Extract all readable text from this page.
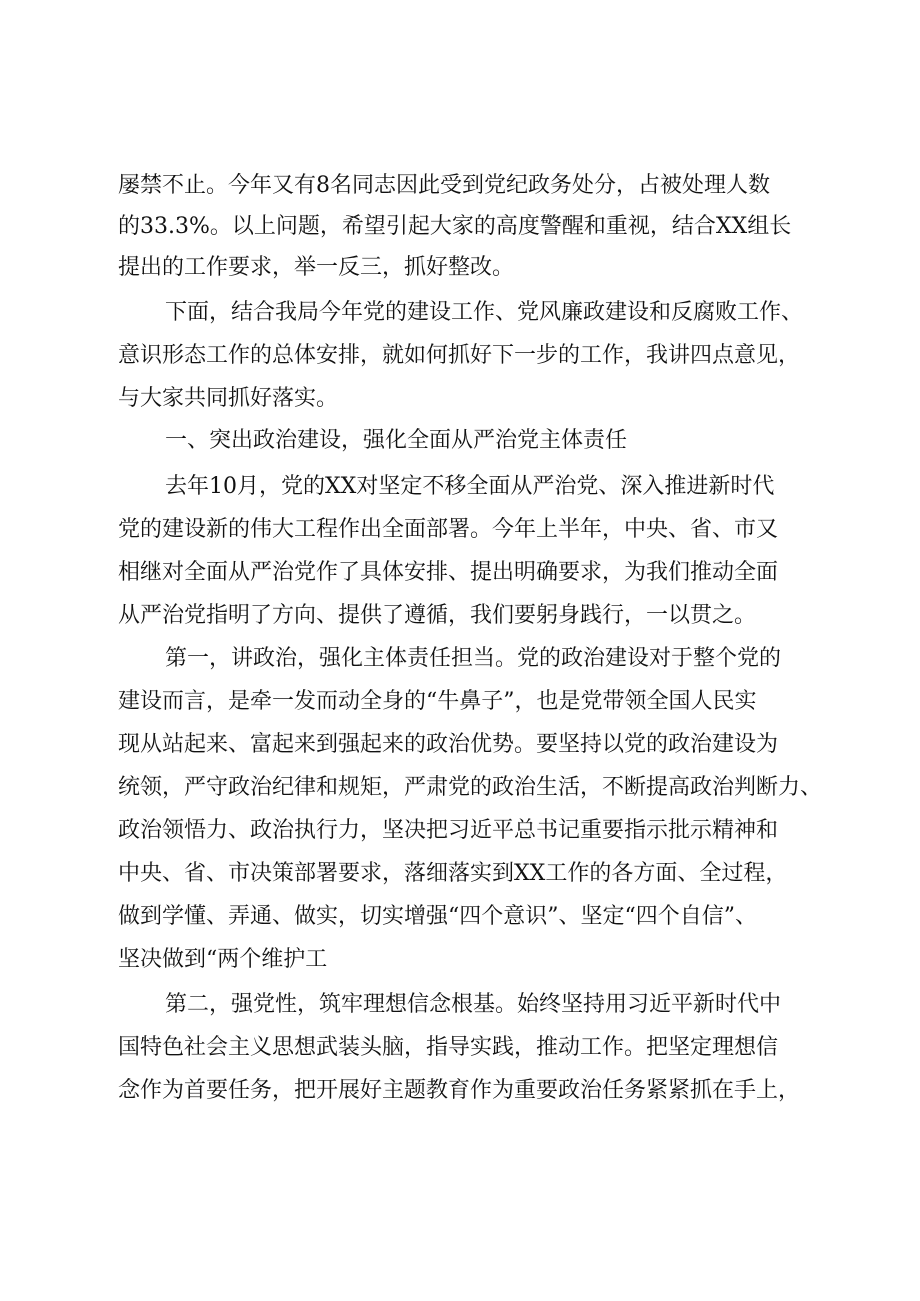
屡禁不止。今年又有8名同志因此受到党纪政务处分，占被处理人数
的33.3%。以上问题，希望引起大家的高度警醒和重视，结合XX组长
提出的工作要求，举一反三，抓好整改。
下面，结合我局今年党的建设工作、党风廉政建设和反腐败工作、
意识形态工作的总体安排，就如何抓好下一步的工作，我讲四点意见，
与大家共同抓好落实。
一、突出政治建设，强化全面从严治党主体责任
去年10月，党的XX对坚定不移全面从严治党、深入推进新时代
党的建设新的伟大工程作出全面部署。今年上半年，中央、省、市又
相继对全面从严治党作了具体安排、提出明确要求，为我们推动全面
从严治党指明了方向、提供了遵循，我们要躬身践行，一以贯之。
第一，讲政治，强化主体责任担当。党的政治建设对于整个党的
建设而言，是牵一发而动全身的“牛鼻子”，也是党带领全国人民实
现从站起来、富起来到强起来的政治优势。要坚持以党的政治建设为
统领，严守政治纪律和规矩，严肃党的政治生活，不断提高政治判断力、
政治领悟力、政治执行力，坚决把习近平总书记重要指示批示精神和
中央、省、市决策部署要求，落细落实到XX工作的各方面、全过程，
做到学懂、弄通、做实，切实增强“四个意识”、坚定“四个自信”、
坚决做到“两个维护工
第二，强党性，筑牢理想信念根基。始终坚持用习近平新时代中
国特色社会主义思想武装头脑，指导实践，推动工作。把坚定理想信
念作为首要任务，把开展好主题教育作为重要政治任务紧紧抓在手上，
